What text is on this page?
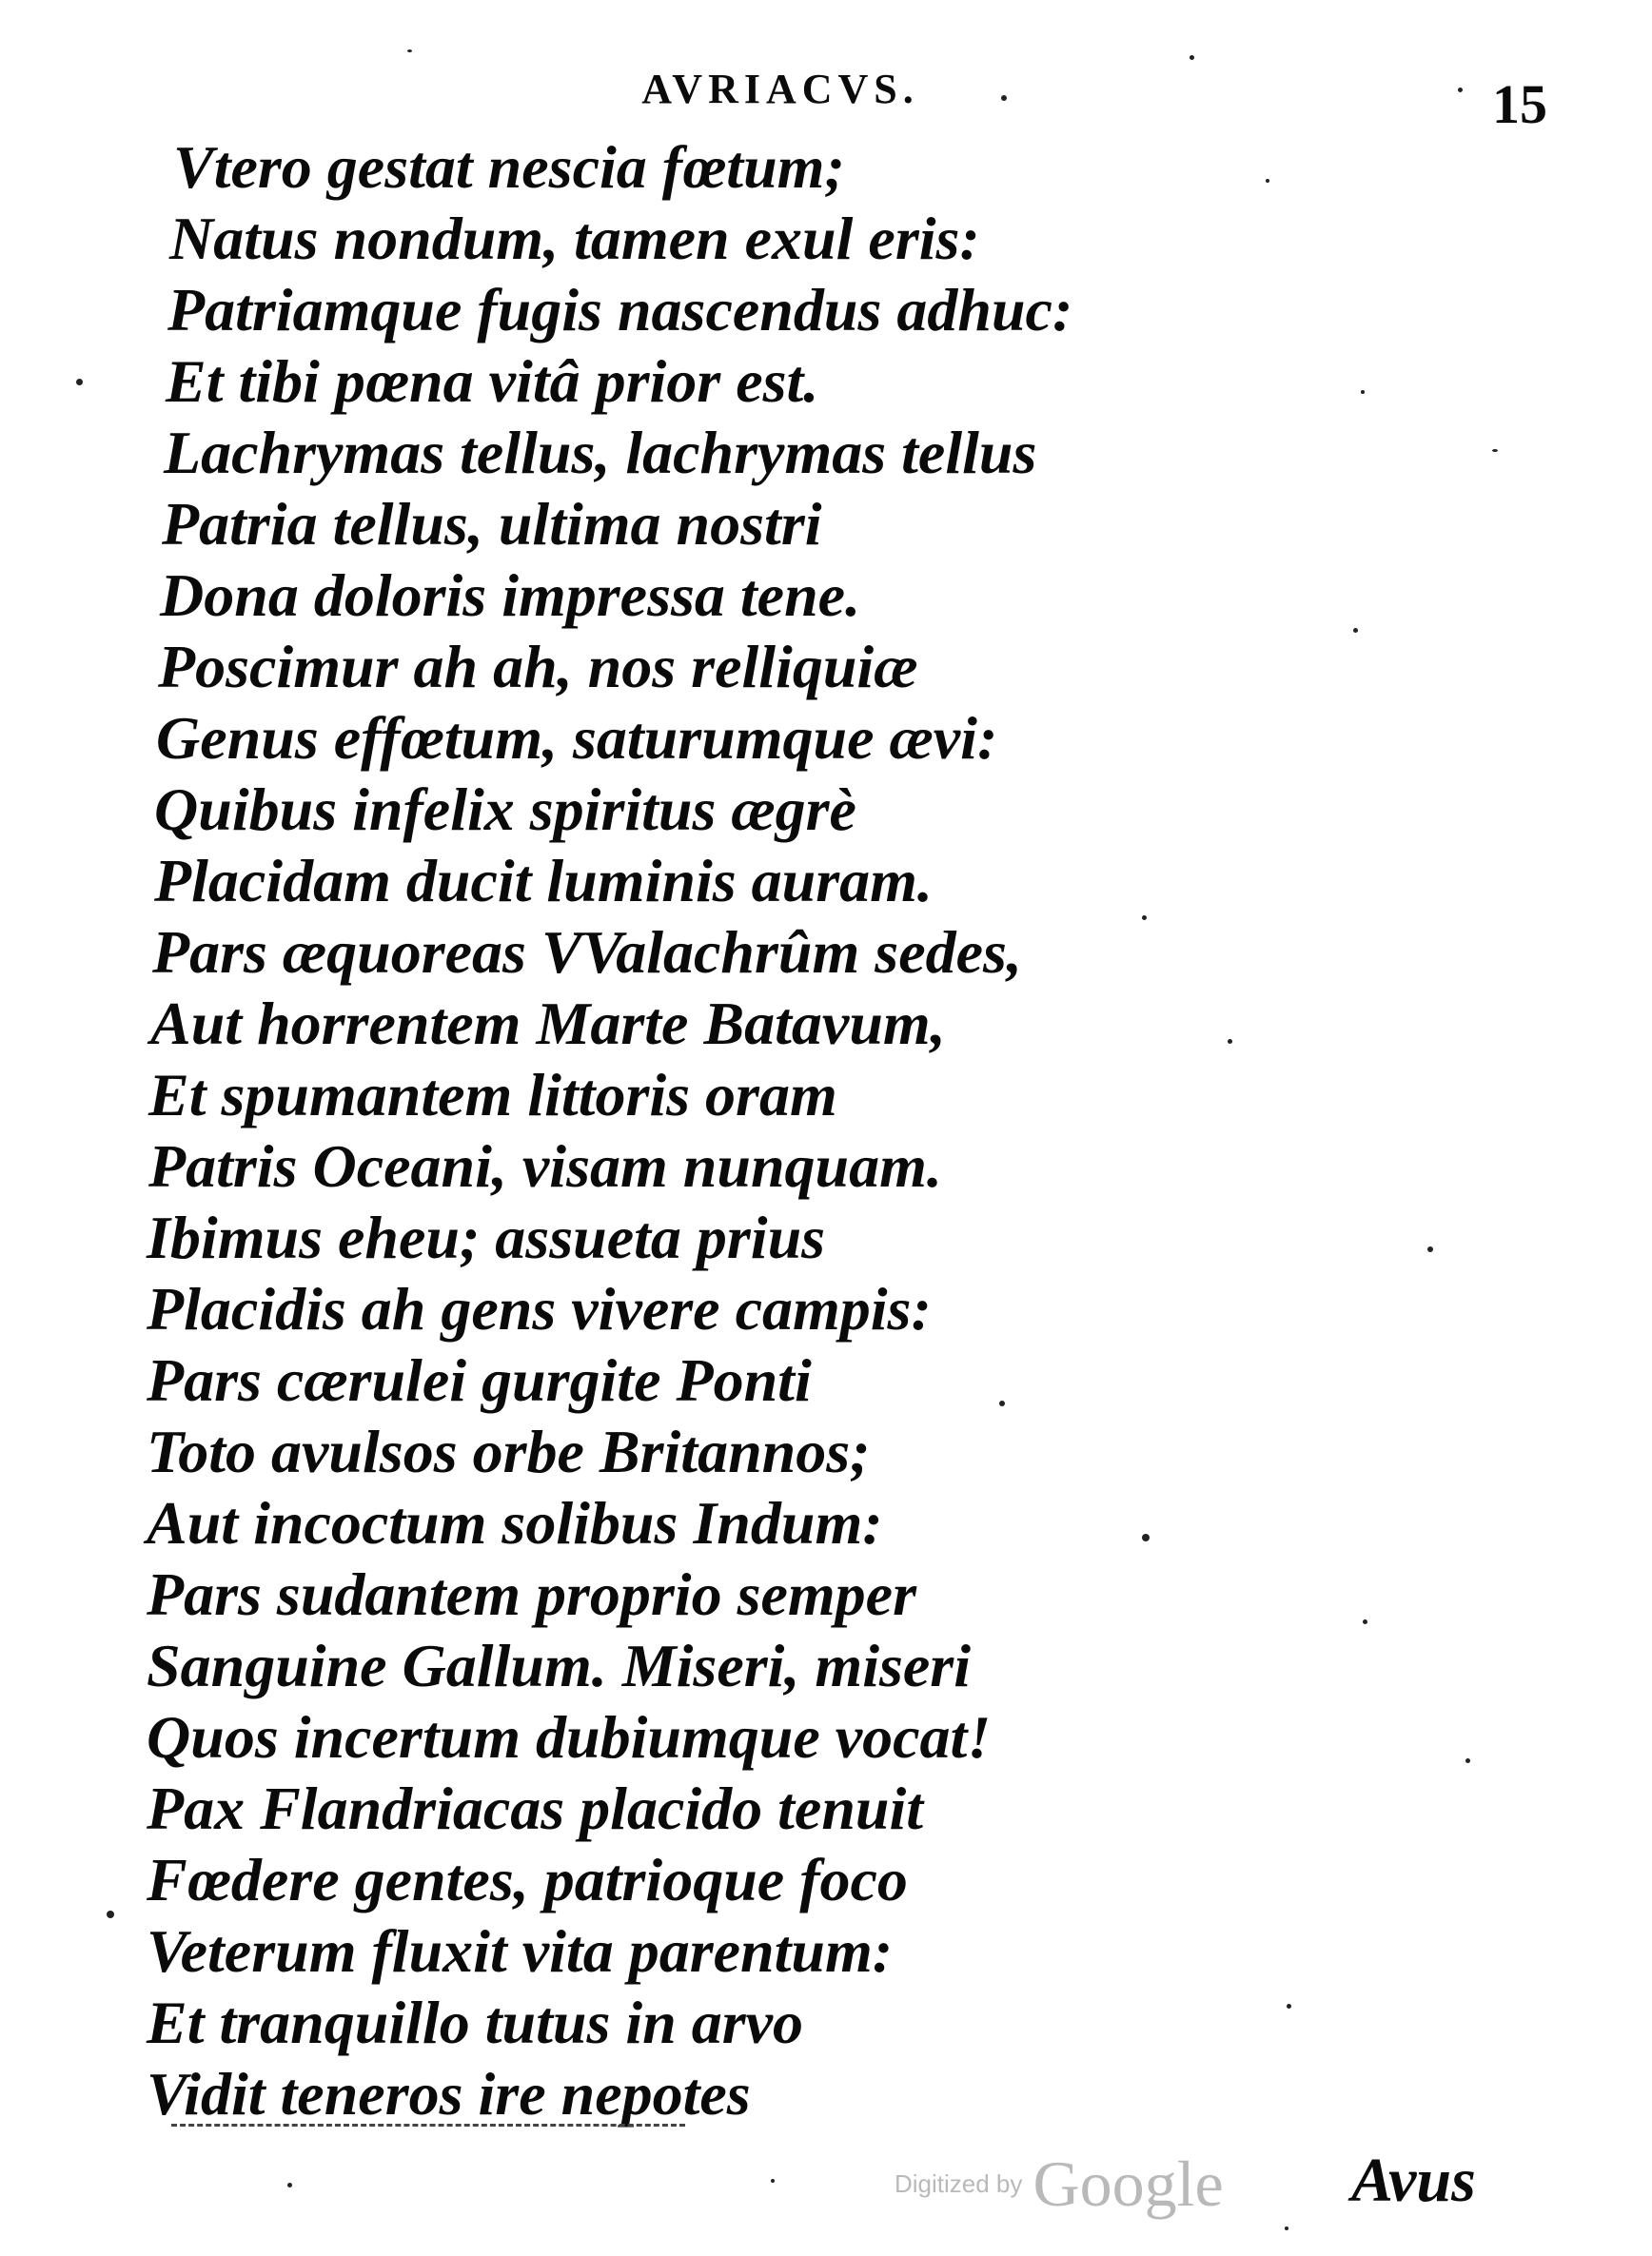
AVRIACVS.	15
Vtero gestat nescia fœtum;
Natus nondum, tamen exul eris:
Patriamque fugis nascendus adhuc:
Et tibi pœna vitâ prior est.
Lachrymas tellus, lachrymas tellus
Patria tellus, ultima nostri
Dona doloris impressa tene.
Poscimur ah ah, nos relliquiæ
Genus effœtum, saturumque ævi:
Quibus infelix spiritus ægrè
Placidam ducit luminis auram.
Pars æquoreas VValachrûm sedes,
Aut horrentem Marte Batavum,
Et spumantem littoris oram
Patris Oceani, visam nunquam.
Ibimus eheu; assueta prius
Placidis ah gens vivere campis:
Pars cærulei gurgite Ponti
Toto avulsos orbe Britannos;
Aut incoctum solibus Indum:
Pars sudantem proprio semper
Sanguine Gallum. Miseri, miseri
Quos incertum dubiumque vocat!
Pax Flandriacas placido tenuit
Fœdere gentes, patrioque foco
Veterum fluxit vita parentum:
Et tranquillo tutus in arvo
Vidit teneros ire nepotes
Digitized by Google Avus
